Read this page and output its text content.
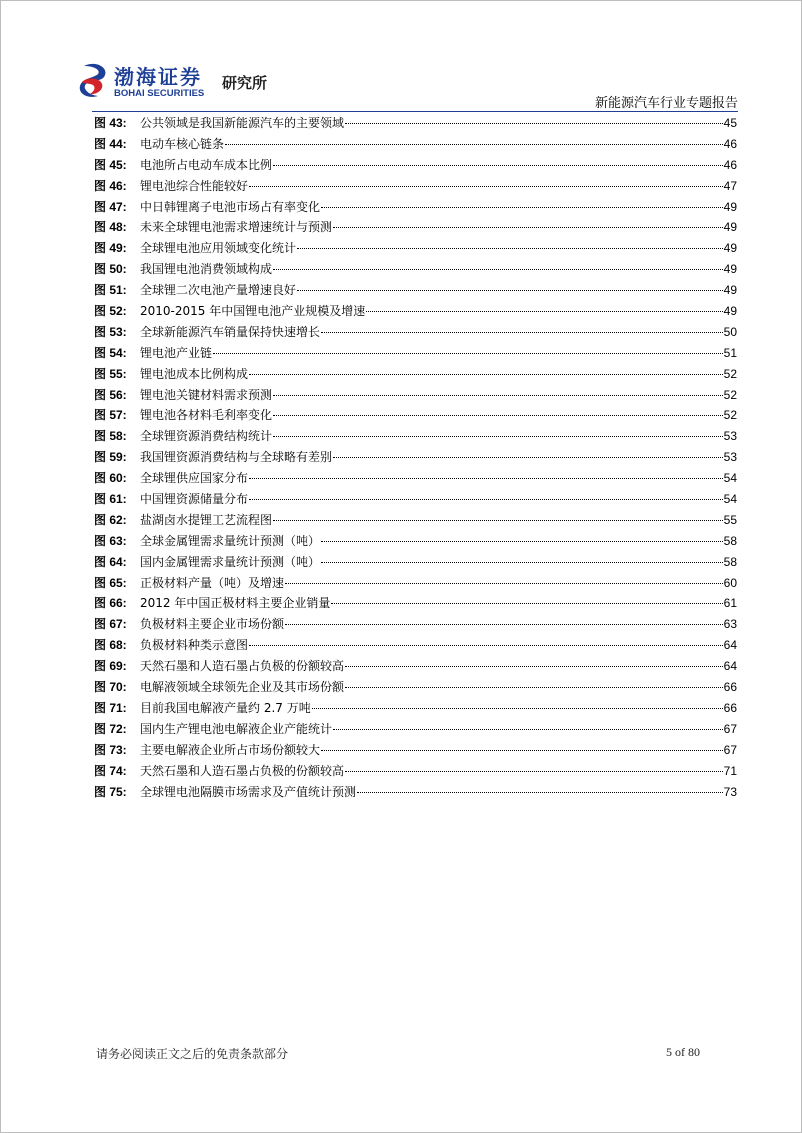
渤海证券
BOHAI SECURITIES
研究所
新能源汽车行业专题报告
图 43:	公共领域是我国新能源汽车的主要领域	45
图 44:	电动车核心链条	46
图 45:	电池所占电动车成本比例	46
图 46:	锂电池综合性能较好	47
图 47:	中日韩锂离子电池市场占有率变化	49
图 48:	未来全球锂电池需求增速统计与预测	49
图 49:	全球锂电池应用领域变化统计	49
图 50:	我国锂电池消费领域构成	49
图 51:	全球锂二次电池产量增速良好	49
图 52:	2010-2015 年中国锂电池产业规模及增速	49
图 53:	全球新能源汽车销量保持快速增长	50
图 54:	锂电池产业链	51
图 55:	锂电池成本比例构成	52
图 56:	锂电池关键材料需求预测	52
图 57:	锂电池各材料毛利率变化	52
图 58:	全球锂资源消费结构统计	53
图 59:	我国锂资源消费结构与全球略有差别	53
图 60:	全球锂供应国家分布	54
图 61:	中国锂资源储量分布	54
图 62:	盐湖卤水提锂工艺流程图	55
图 63:	全球金属锂需求量统计预测（吨）	58
图 64:	国内金属锂需求量统计预测（吨）	58
图 65:	正极材料产量（吨）及增速	60
图 66:	2012 年中国正极材料主要企业销量	61
图 67:	负极材料主要企业市场份额	63
图 68:	负极材料种类示意图	64
图 69:	天然石墨和人造石墨占负极的份额较高	64
图 70:	电解液领域全球领先企业及其市场份额	66
图 71:	目前我国电解液产量约 2.7 万吨	66
图 72:	国内生产锂电池电解液企业产能统计	67
图 73:	主要电解液企业所占市场份额较大	67
图 74:	天然石墨和人造石墨占负极的份额较高	71
图 75:	全球锂电池隔膜市场需求及产值统计预测	73
请务必阅读正文之后的免责条款部分	5 of 80
